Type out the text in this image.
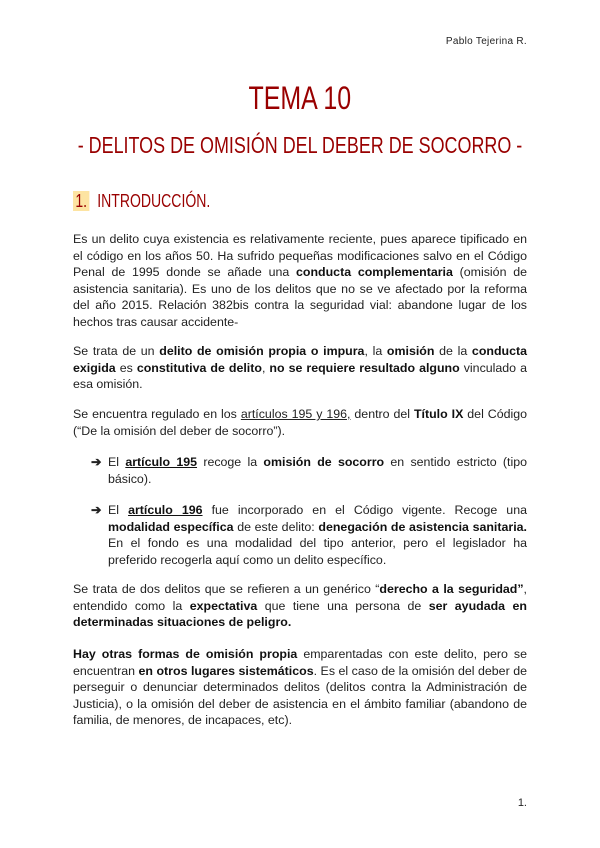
Pablo Tejerina R.
TEMA 10
- DELITOS DE OMISIÓN DEL DEBER DE SOCORRO -
1. INTRODUCCIÓN.
Es un delito cuya existencia es relativamente reciente, pues aparece tipificado en el código en los años 50. Ha sufrido pequeñas modificaciones salvo en el Código Penal de 1995 donde se añade una conducta complementaria (omisión de asistencia sanitaria). Es uno de los delitos que no se ve afectado por la reforma del año 2015. Relación 382bis contra la seguridad vial: abandone lugar de los hechos tras causar accidente-
Se trata de un delito de omisión propia o impura, la omisión de la conducta exigida es constitutiva de delito, no se requiere resultado alguno vinculado a esa omisión.
Se encuentra regulado en los artículos 195 y 196, dentro del Título IX del Código (“De la omisión del deber de socorro”).
➔ El artículo 195 recoge la omisión de socorro en sentido estricto (tipo básico).
➔ El artículo 196 fue incorporado en el Código vigente. Recoge una modalidad específica de este delito: denegación de asistencia sanitaria. En el fondo es una modalidad del tipo anterior, pero el legislador ha preferido recogerla aquí como un delito específico.
Se trata de dos delitos que se refieren a un genérico “derecho a la seguridad”, entendido como la expectativa que tiene una persona de ser ayudada en determinadas situaciones de peligro.
Hay otras formas de omisión propia emparentadas con este delito, pero se encuentran en otros lugares sistemáticos. Es el caso de la omisión del deber de perseguir o denunciar determinados delitos (delitos contra la Administración de Justicia), o la omisión del deber de asistencia en el ámbito familiar (abandono de familia, de menores, de incapaces, etc).
1.
